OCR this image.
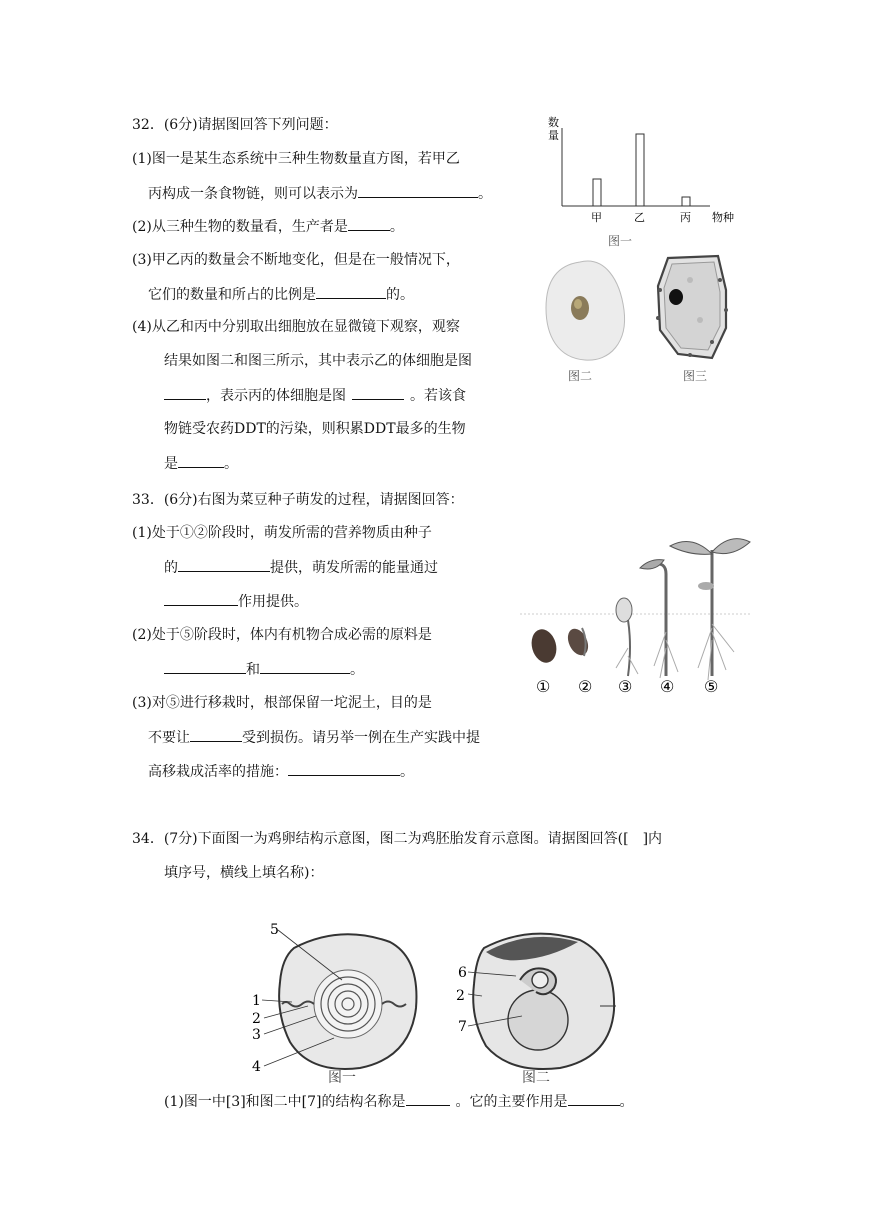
32．(6分)请据图回答下列问题：
(1)图一是某生态系统中三种生物数量直方图，若甲乙
丙构成一条食物链，则可以表示为	。
(2)从三种生物的数量看，生产者是	。
(3)甲乙丙的数量会不断地变化，但是在一般情况下，
它们的数量和所占的比例是	的。
(4)从乙和丙中分别取出细胞放在显微镜下观察，观察
结果如图二和图三所示，其中表示乙的体细胞是图
，表示丙的体细胞是图	。若该食
物链受农药DDT的污染，则积累DDT最多的生物
是	。
数
量
甲	乙	丙 物种
图一
图二	图三
33．(6分)右图为菜豆种子萌发的过程，请据图回答：
(1)处于①②阶段时，萌发所需的营养物质由种子
的	提供，萌发所需的能量通过
作用提供。
(2)处于⑤阶段时，体内有机物合成必需的原料是
和	。
(3)对⑤进行移栽时，根部保留一坨泥土，目的是
不要让	受到损伤。请另举一例在生产实践中提
高移栽成活率的措施：	。
① ② ③ ④ ⑤
34．(7分)下面图一为鸡卵结构示意图，图二为鸡胚胎发育示意图。请据图回答([　]内
填序号，横线上填名称)：
5
1
2
3
4
图一
6
2
7
图二
(1)图一中[3]和图二中[7]的结构名称是	。它的主要作用是	。
